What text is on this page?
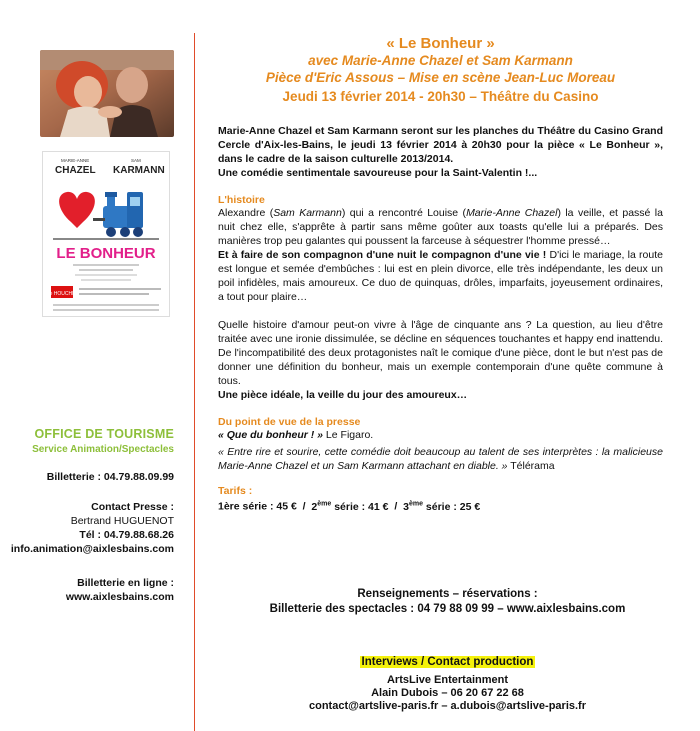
MARIE-ANNE
CHAZEL
SAM
KARMANN
LE BONHEUR
le HOUCHE
OFFICE DE TOURISME
Service Animation/Spectacles
Billetterie : 04.79.88.09.99
Contact Presse :
Bertrand HUGUENOT
Tél : 04.79.88.68.26
info.animation@aixlesbains.com
Billetterie en ligne :
www.aixlesbains.com
« Le Bonheur »
avec Marie-Anne Chazel et Sam Karmann
Pièce d'Eric Assous – Mise en scène Jean-Luc Moreau
Jeudi 13 février 2014 - 20h30 – Théâtre du Casino
Marie-Anne Chazel et Sam Karmann seront sur les planches du Théâtre du Casino Grand Cercle d'Aix-les-Bains, le jeudi 13 février 2014 à 20h30 pour la pièce « Le Bonheur », dans le cadre de la saison culturelle 2013/2014.
Une comédie sentimentale savoureuse pour la Saint-Valentin !...
L'histoire
Alexandre (Sam Karmann) qui a rencontré Louise (Marie-Anne Chazel) la veille, et passé la nuit chez elle, s'apprête à partir sans même goûter aux toasts qu'elle lui a préparés. Des manières trop peu galantes qui poussent la farceuse à séquestrer l'homme pressé…
Et à faire de son compagnon d'une nuit le compagnon d'une vie ! D'ici le mariage, la route est longue et semée d'embûches : lui est en plein divorce, elle très indépendante, les deux un poil infidèles, mais amoureux. Ce duo de quinquas, drôles, imparfaits, joyeusement ordinaires, a tout pour plaire…
Quelle histoire d'amour peut-on vivre à l'âge de cinquante ans ? La question, au lieu d'être traitée avec une ironie dissimulée, se décline en séquences touchantes et happy end inattendu. De l'incompatibilité des deux protagonistes naît le comique d'une pièce, dont le but n'est pas de donner une définition du bonheur, mais un exemple contemporain d'une quête commune à tous.
Une pièce idéale, la veille du jour des amoureux…
Du point de vue de la presse
« Que du bonheur ! » Le Figaro.
« Entre rire et sourire, cette comédie doit beaucoup au talent de ses interprètes : la malicieuse Marie-Anne Chazel et un Sam Karmann attachant en diable. » Télérama
Tarifs :
1ère série : 45 € / 2ème série : 41 € / 3ème série : 25 €
Renseignements – réservations :
Billetterie des spectacles : 04 79 88 09 99 – www.aixlesbains.com
Interviews / Contact production
ArtsLive Entertainment
Alain Dubois – 06 20 67 22 68
contact@artslive-paris.fr – a.dubois@artslive-paris.fr
